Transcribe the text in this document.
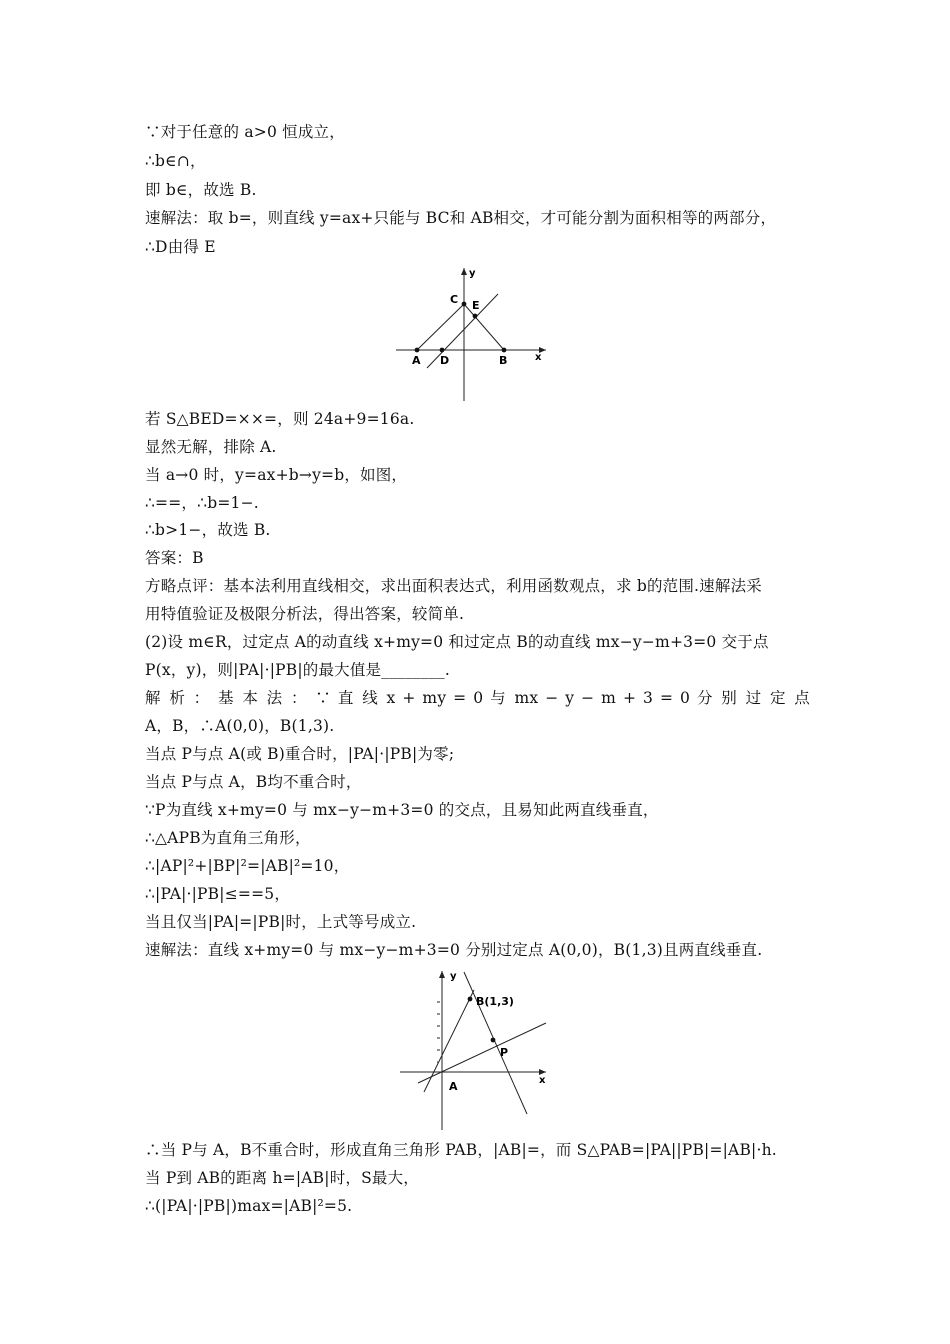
∵对于任意的 a>0 恒成立，
∴b∈∩，
即 b∈，故选 B.
速解法：取 b=，则直线 y=ax+只能与 BC和 AB相交，才可能分割为面积相等的两部分，
∴D由得 E
y
x
C E
A D	B
若 S△BED=××=，则 24a+9=16a.
显然无解，排除 A.
当 a→0 时，y=ax+b→y=b，如图，
∴==，∴b=1−.
∴b>1−，故选 B.
答案：B
方略点评：基本法利用直线相交，求出面积表达式，利用函数观点，求 b的范围.速解法采
用特值验证及极限分析法，得出答案，较简单.
(2)设 m∈R，过定点 A的动直线 x+my=0 和过定点 B的动直线 mx−y−m+3=0 交于点
P(x，y)，则|PA|·|PB|的最大值是________.
解 析 ： 基 本 法 ： ∵ 直 线 x + my = 0 与 mx − y − m + 3 = 0 分 别 过 定 点
A，B，∴A(0,0)，B(1,3).
当点 P与点 A(或 B)重合时，|PA|·|PB|为零;
当点 P与点 A，B均不重合时，
∵P为直线 x+my=0 与 mx−y−m+3=0 的交点，且易知此两直线垂直，
∴△APB为直角三角形，
∴|AP|²+|BP|²=|AB|²=10，
∴|PA|·|PB|≤==5，
当且仅当|PA|=|PB|时，上式等号成立.
速解法：直线 x+my=0 与 mx−y−m+3=0 分别过定点 A(0,0)，B(1,3)且两直线垂直.
y
x
B(1,3)
P
A
∴当 P与 A，B不重合时，形成直角三角形 PAB，|AB|=，而 S△PAB=|PA||PB|=|AB|·h.
当 P到 AB的距离 h=|AB|时，S最大，
∴(|PA|·|PB|)max=|AB|²=5.
